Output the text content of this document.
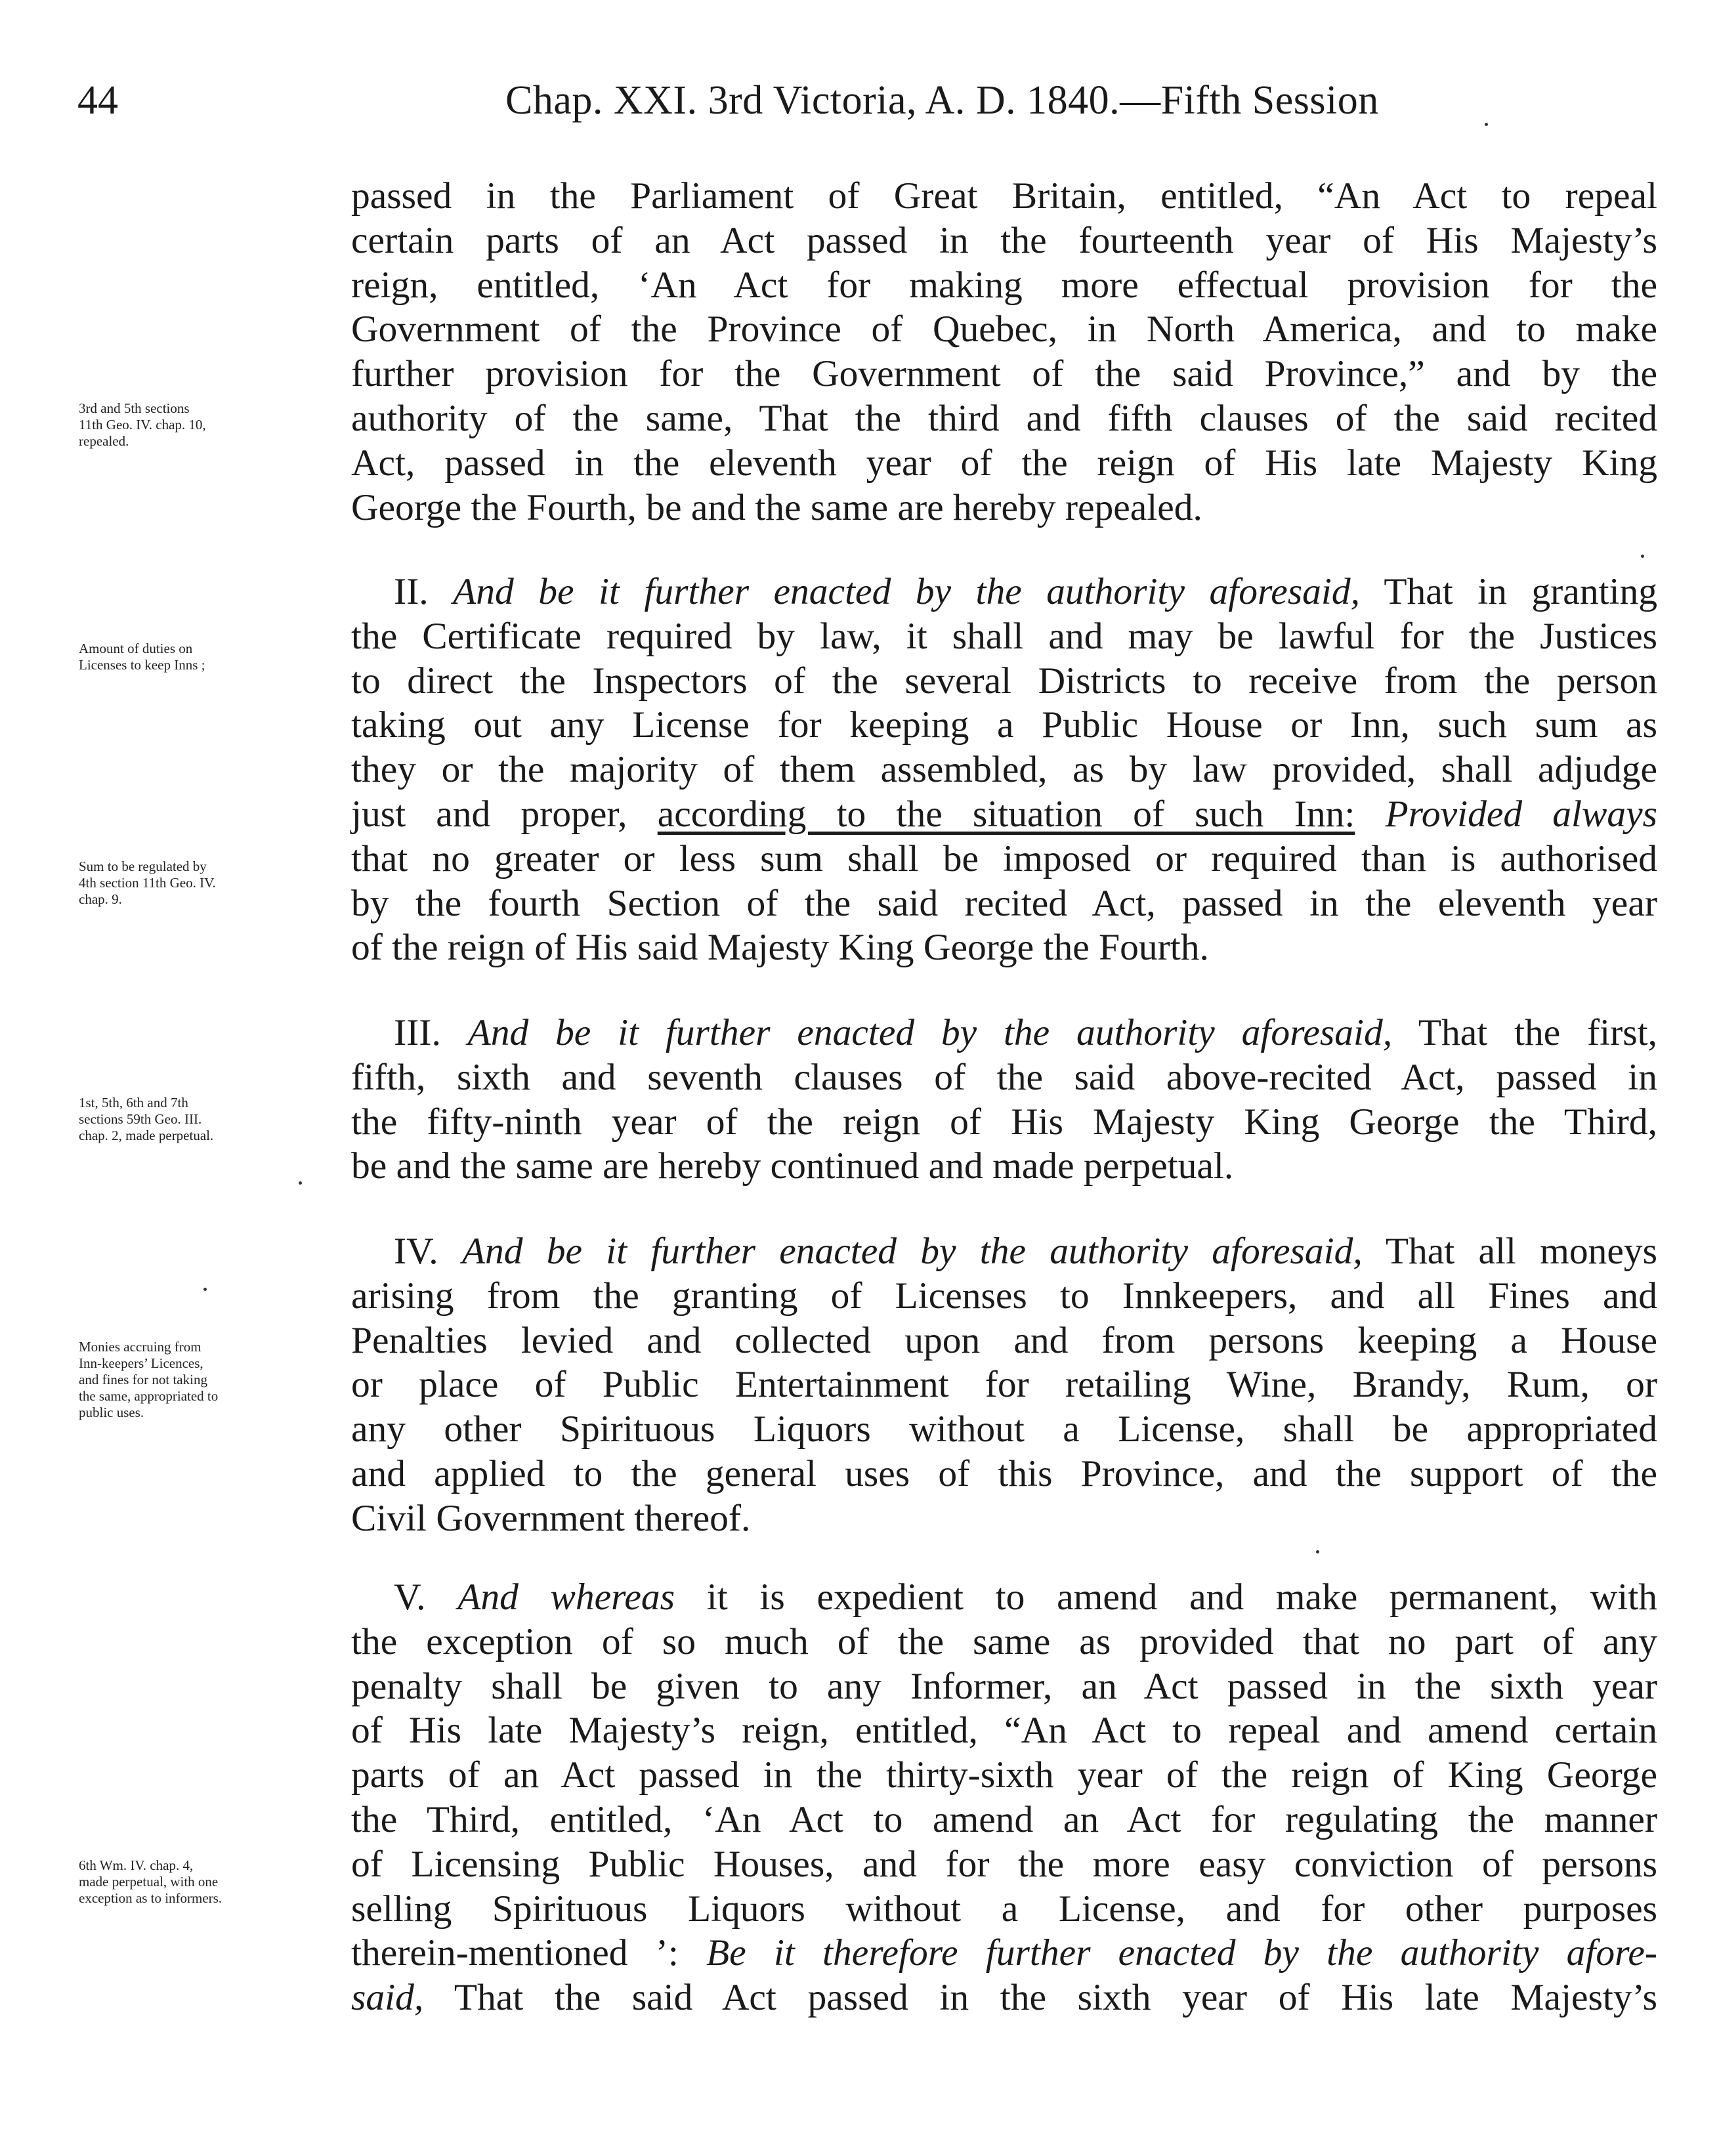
44	Chap. XXI. 3rd Victoria, A. D. 1840.—Fifth Session
passed in the Parliament of Great Britain, entitled, “An Act to repeal
certain parts of an Act passed in the fourteenth year of His Majesty’s
reign, entitled, ‘An Act for making more effectual provision for the
Government of the Province of Quebec, in North America, and to make
further provision for the Government of the said Province,” and by the
authority of the same, That the third and fifth clauses of the said recited
Act, passed in the eleventh year of the reign of His late Majesty King
George the Fourth, be and the same are hereby repealed.
II. And be it further enacted by the authority aforesaid, That in granting
the Certificate required by law, it shall and may be lawful for the Justices
to direct the Inspectors of the several Districts to receive from the person
taking out any License for keeping a Public House or Inn, such sum as
they or the majority of them assembled, as by law provided, shall adjudge
just and proper, according to the situation of such Inn: Provided always
that no greater or less sum shall be imposed or required than is authorised
by the fourth Section of the said recited Act, passed in the eleventh year
of the reign of His said Majesty King George the Fourth.
III. And be it further enacted by the authority aforesaid, That the first,
fifth, sixth and seventh clauses of the said above-recited Act, passed in
the fifty-ninth year of the reign of His Majesty King George the Third,
be and the same are hereby continued and made perpetual.
IV. And be it further enacted by the authority aforesaid, That all moneys
arising from the granting of Licenses to Innkeepers, and all Fines and
Penalties levied and collected upon and from persons keeping a House
or place of Public Entertainment for retailing Wine, Brandy, Rum, or
any other Spirituous Liquors without a License, shall be appropriated
and applied to the general uses of this Province, and the support of the
Civil Government thereof.
V. And whereas it is expedient to amend and make permanent, with
the exception of so much of the same as provided that no part of any
penalty shall be given to any Informer, an Act passed in the sixth year
of His late Majesty’s reign, entitled, “An Act to repeal and amend certain
parts of an Act passed in the thirty-sixth year of the reign of King George
the Third, entitled, ‘An Act to amend an Act for regulating the manner
of Licensing Public Houses, and for the more easy conviction of persons
selling Spirituous Liquors without a License, and for other purposes
therein-mentioned ’: Be it therefore further enacted by the authority afore-
said, That the said Act passed in the sixth year of His late Majesty’s
3rd and 5th sections
11th Geo. IV. chap. 10,
repealed.
Amount of duties on
Licenses to keep Inns ;
Sum to be regulated by
4th section 11th Geo. IV.
chap. 9.
1st, 5th, 6th and 7th
sections 59th Geo. III.
chap. 2, made perpetual.
Monies accruing from
Inn-keepers’ Licences,
and fines for not taking
the same, appropriated to
public uses.
6th Wm. IV. chap. 4,
made perpetual, with one
exception as to informers.
